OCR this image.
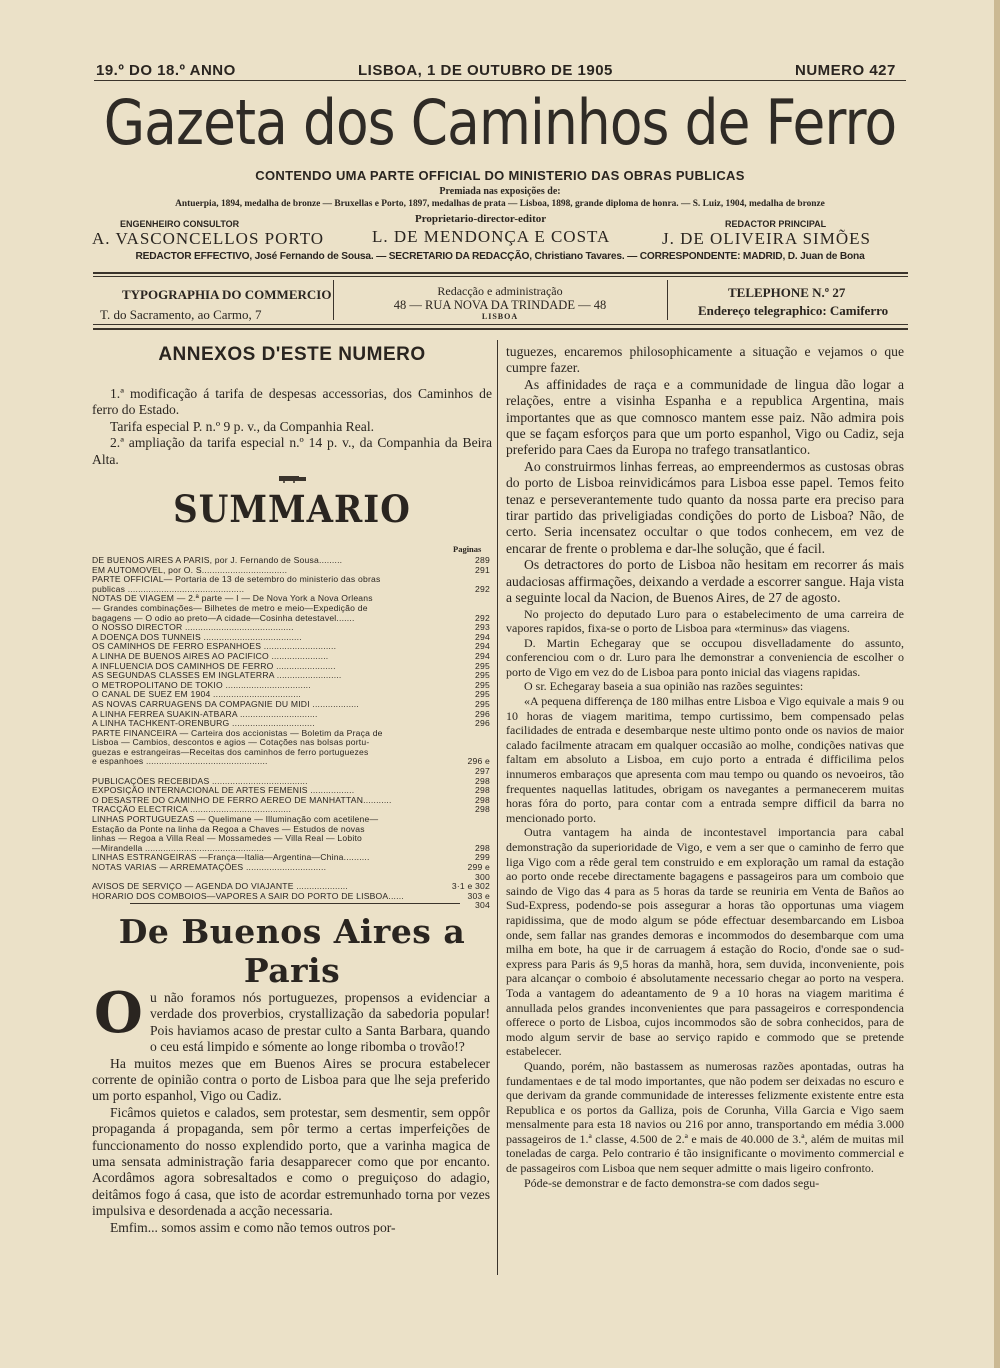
19.º DO 18.º ANNO	LISBOA, 1 DE OUTUBRO DE 1905	NUMERO 427
Gazeta dos Caminhos de Ferro
CONTENDO UMA PARTE OFFICIAL DO MINISTERIO DAS OBRAS PUBLICAS
Premiada nas exposições de:
Antuerpia, 1894, medalha de bronze — Bruxellas e Porto, 1897, medalhas de prata — Lisboa, 1898, grande diploma de honra. — S. Luiz, 1904, medalha de bronze
ENGENHEIRO CONSULTOR
A. VASCONCELLOS PORTO
Proprietario-director-editor
L. DE MENDONÇA E COSTA
REDACTOR PRINCIPAL
J. DE OLIVEIRA SIMÕES
REDACTOR EFFECTIVO, José Fernando de Sousa. — SECRETARIO DA REDACÇÃO, Christiano Tavares. — CORRESPONDENTE: MADRID, D. Juan de Bona
TYPOGRAPHIA DO COMMERCIO
T. do Sacramento, ao Carmo, 7
Redacção e administração
48 — RUA NOVA DA TRINDADE — 48
LISBOA
TELEPHONE N.º 27
Endereço telegraphico: Camiferro
ANNEXOS D'ESTE NUMERO

1.ª modificação á tarifa de despesas accessorias, dos Caminhos de ferro do Estado.

Tarifa especial P. n.º 9 p. v., da Companhia Real.

2.ª ampliação da tarifa especial n.º 14 p. v., da Companhia da Beira Alta.

SUMMARIO
Paginas
DE BUENOS AIRES A PARIS, por J. Fernando de Sousa.........	289
EM AUTOMOVEL, por O. S.................................	291
PARTE OFFICIAL— Portaria de 13 de setembro do ministerio das obras
publicas .............................................	292
NOTAS DE VIAGEM — 2.ª parte — I — De Nova York a Nova Orleans
— Grandes combinações— Bilhetes de metro e meio—Expedição de
bagagens — O odio ao preto—A cidade—Cosinha detestavel.......	292
O NOSSO DIRECTOR ..........................................	293
A DOENÇA DOS TUNNEIS ......................................	294
OS CAMINHOS DE FERRO ESPANHOES ............................	294
A LINHA DE BUENOS AIRES AO PACIFICO ......................	294
A INFLUENCIA DOS CAMINHOS DE FERRO .......................	295
AS SEGUNDAS CLASSES EM INGLATERRA .........................	295
O METROPOLITANO DE TOKIO .................................	295
O CANAL DE SUEZ EM 1904 ..................................	295
AS NOVAS CARRUAGENS DA COMPAGNIE DU MIDI ..................	295
A LINHA FERREA SUAKIN-ATBARA ..............................	296
A LINHA TACHKENT-ORENBURG ................................	296
PARTE FINANCEIRA — Carteira dos accionistas — Boletim da Praça de
Lisboa — Cambios, descontos e agios — Cotações nas bolsas portu-
guezas e estrangeiras—Receitas dos caminhos de ferro portuguezes
e espanhoes ...............................................	296 e 297
PUBLICAÇÕES RECEBIDAS .....................................	298
EXPOSIÇÃO INTERNACIONAL DE ARTES FEMENIS .................	298
O DESASTRE DO CAMINHO DE FERRO AEREO DE MANHATTAN...........	298
TRACÇÃO ELECTRICA .......................................	298
LINHAS PORTUGUEZAS — Quelimane — Illuminação com acetilene—
Estação da Ponte na linha da Regoa a Chaves — Estudos de novas
linhas — Regoa a Villa Real — Mossamedes — Villa Real — Lobito
—Mirandella ..............................................	298
LINHAS ESTRANGEIRAS —França—Italia—Argentina—China..........	299
NOTAS VARIAS — ARREMATAÇÕES ...............................	299 e 300
AVISOS DE SERVIÇO — AGENDA DO VIAJANTE ....................	3·1 e 302
HORARIO DOS COMBOIOS—VAPORES A SAIR DO PORTO DE LISBOA......	303 e 304
De Buenos Aires a Paris
O u não foramos nós portuguezes, propensos a evidenciar a verdade dos proverbios, crystallização da sabedoria popular! Pois haviamos acaso de prestar culto a Santa Barbara, quando o ceu está limpido e sómente ao longe ribomba o trovão!?

Ha muitos mezes que em Buenos Aires se procura estabelecer corrente de opinião contra o porto de Lisboa para que lhe seja preferido um porto espanhol, Vigo ou Cadiz.

Ficâmos quietos e calados, sem protestar, sem desmentir, sem oppôr propaganda á propaganda, sem pôr termo a certas imperfeições de funccionamento do nosso explendido porto, que a varinha magica de uma sensata administração faria desapparecer como que por encanto. Acordâmos agora sobresaltados e como o preguiçoso do adagio, deitâmos fogo á casa, que isto de acordar estremunhado torna por vezes impulsiva e desordenada a acção necessaria.

Emfim... somos assim e como não temos outros por-

tuguezes, encaremos philosophicamente a situação e vejamos o que cumpre fazer.

As affinidades de raça e a communidade de lingua dão logar a relações, entre a visinha Espanha e a republica Argentina, mais importantes que as que comnosco mantem esse paiz. Não admira pois que se façam esforços para que um porto espanhol, Vigo ou Cadiz, seja preferido para Caes da Europa no trafego transatlantico.

Ao construirmos linhas ferreas, ao empreendermos as custosas obras do porto de Lisboa reinvidicámos para Lisboa esse papel. Temos feito tenaz e perseverantemente tudo quanto da nossa parte era preciso para tirar partido das priveligiadas condições do porto de Lisboa? Não, de certo. Seria incensatez occultar o que todos conhecem, em vez de encarar de frente o problema e dar-lhe solução, que é facil.

Os detractores do porto de Lisboa não hesitam em recorrer ás mais audaciosas affirmações, deixando a verdade a escorrer sangue. Haja vista a seguinte local da Nacion, de Buenos Aires, de 27 de agosto.

No projecto do deputado Luro para o estabelecimento de uma carreira de vapores rapidos, fixa-se o porto de Lisboa para «terminus» das viagens.

D. Martin Echegaray que se occupou disvelladamente do assunto, conferenciou com o dr. Luro para lhe demonstrar a conveniencia de escolher o porto de Vigo em vez do de Lisboa para ponto inicial das viagens rapidas.

O sr. Echegaray baseia a sua opinião nas razões seguintes:

«A pequena differença de 180 milhas entre Lisboa e Vigo equivale a mais 9 ou 10 horas de viagem maritima, tempo curtissimo, bem compensado pelas facilidades de entrada e desembarque neste ultimo ponto onde os navios de maior calado facilmente atracam em qualquer occasião ao molhe, condições nativas que faltam em absoluto a Lisboa, em cujo porto a entrada é difficilima pelos innumeros embaraços que apresenta com mau tempo ou quando os nevoeiros, tão frequentes naquellas latitudes, obrigam os navegantes a permanecerem muitas horas fóra do porto, para contar com a entrada sempre difficil da barra no mencionado porto.

Outra vantagem ha ainda de incontestavel importancia para cabal demonstração da superioridade de Vigo, e vem a ser que o caminho de ferro que liga Vigo com a rêde geral tem construido e em exploração um ramal da estação ao porto onde recebe directamente bagagens e passageiros para um comboio que saindo de Vigo das 4 para as 5 horas da tarde se reuniria em Venta de Baños ao Sud-Express, podendo-se pois assegurar a horas tão opportunas uma viagem rapidissima, que de modo algum se póde effectuar desembarcando em Lisboa onde, sem fallar nas grandes demoras e incommodos do desembarque com uma milha em bote, ha que ir de carruagem á estação do Rocio, d'onde sae o sud-express para Paris ás 9,5 horas da manhã, hora, sem duvida, inconveniente, pois para alcançar o comboio é absolutamente necessario chegar ao porto na vespera. Toda a vantagem do adeantamento de 9 a 10 horas na viagem maritima é annullada pelos grandes inconvenientes que para passageiros e correspondencia offerece o porto de Lisboa, cujos incommodos são de sobra conhecidos, para de modo algum servir de base ao serviço rapido e commodo que se pretende estabelecer.

Quando, porém, não bastassem as numerosas razões apontadas, outras ha fundamentaes e de tal modo importantes, que não podem ser deixadas no escuro e que derivam da grande communidade de interesses felizmente existente entre esta Republica e os portos da Galliza, pois de Corunha, Villa Garcia e Vigo saem mensalmente para esta 18 navios ou 216 por anno, transportando em média 3.000 passageiros de 1.ª classe, 4.500 de 2.ª e mais de 40.000 de 3.ª, além de muitas mil toneladas de carga. Pelo contrario é tão insignificante o movimento commercial e de passageiros com Lisboa que nem sequer admitte o mais ligeiro confronto.

Póde-se demonstrar e de facto demonstra-se com dados segu-
